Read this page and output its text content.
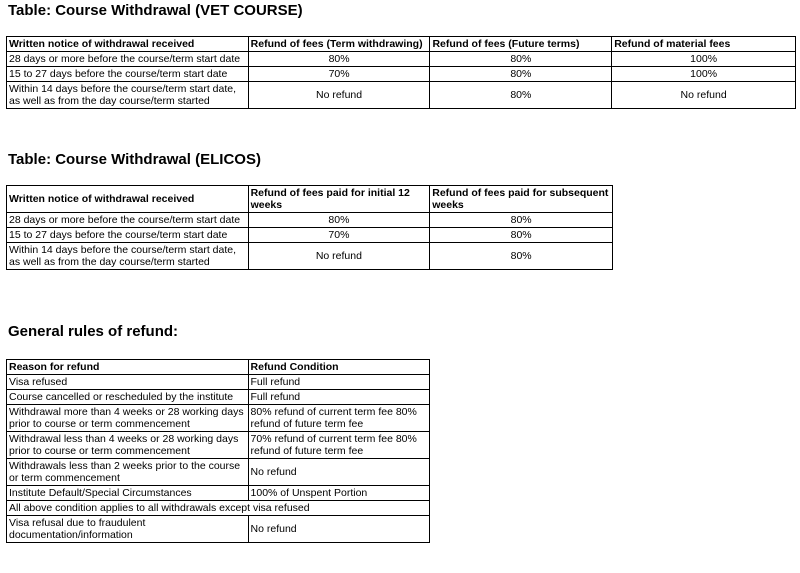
Table: Course Withdrawal (VET COURSE)
Written notice of withdrawal received	Refund of fees (Term withdrawing)	Refund of fees (Future terms)	Refund of material fees
28 days or more before the course/term start date	80%	80%	100%
15 to 27 days before the course/term start date	70%	80%	100%
Within 14 days before the course/term start date, as well as from the day course/term started	No refund	80%	No refund
Table: Course Withdrawal (ELICOS)
Written notice of withdrawal received	Refund of fees paid for initial 12 weeks	Refund of fees paid for subsequent weeks
28 days or more before the course/term start date	80%	80%
15 to 27 days before the course/term start date	70%	80%
Within 14 days before the course/term start date, as well as from the day course/term started	No refund	80%
General rules of refund:
Reason for refund	Refund Condition
Visa refused	Full refund
Course cancelled or rescheduled by the institute	Full refund
Withdrawal more than 4 weeks or 28 working days prior to course or term commencement	80% refund of current term fee 80% refund of future term fee
Withdrawal less than 4 weeks or 28 working days prior to course or term commencement	70% refund of current term fee 80% refund of future term fee
Withdrawals less than 2 weeks prior to the course or term commencement	No refund
Institute Default/Special Circumstances	100% of Unspent Portion
All above condition applies to all withdrawals except visa refused	
Visa refusal due to fraudulent documentation/information	No refund
